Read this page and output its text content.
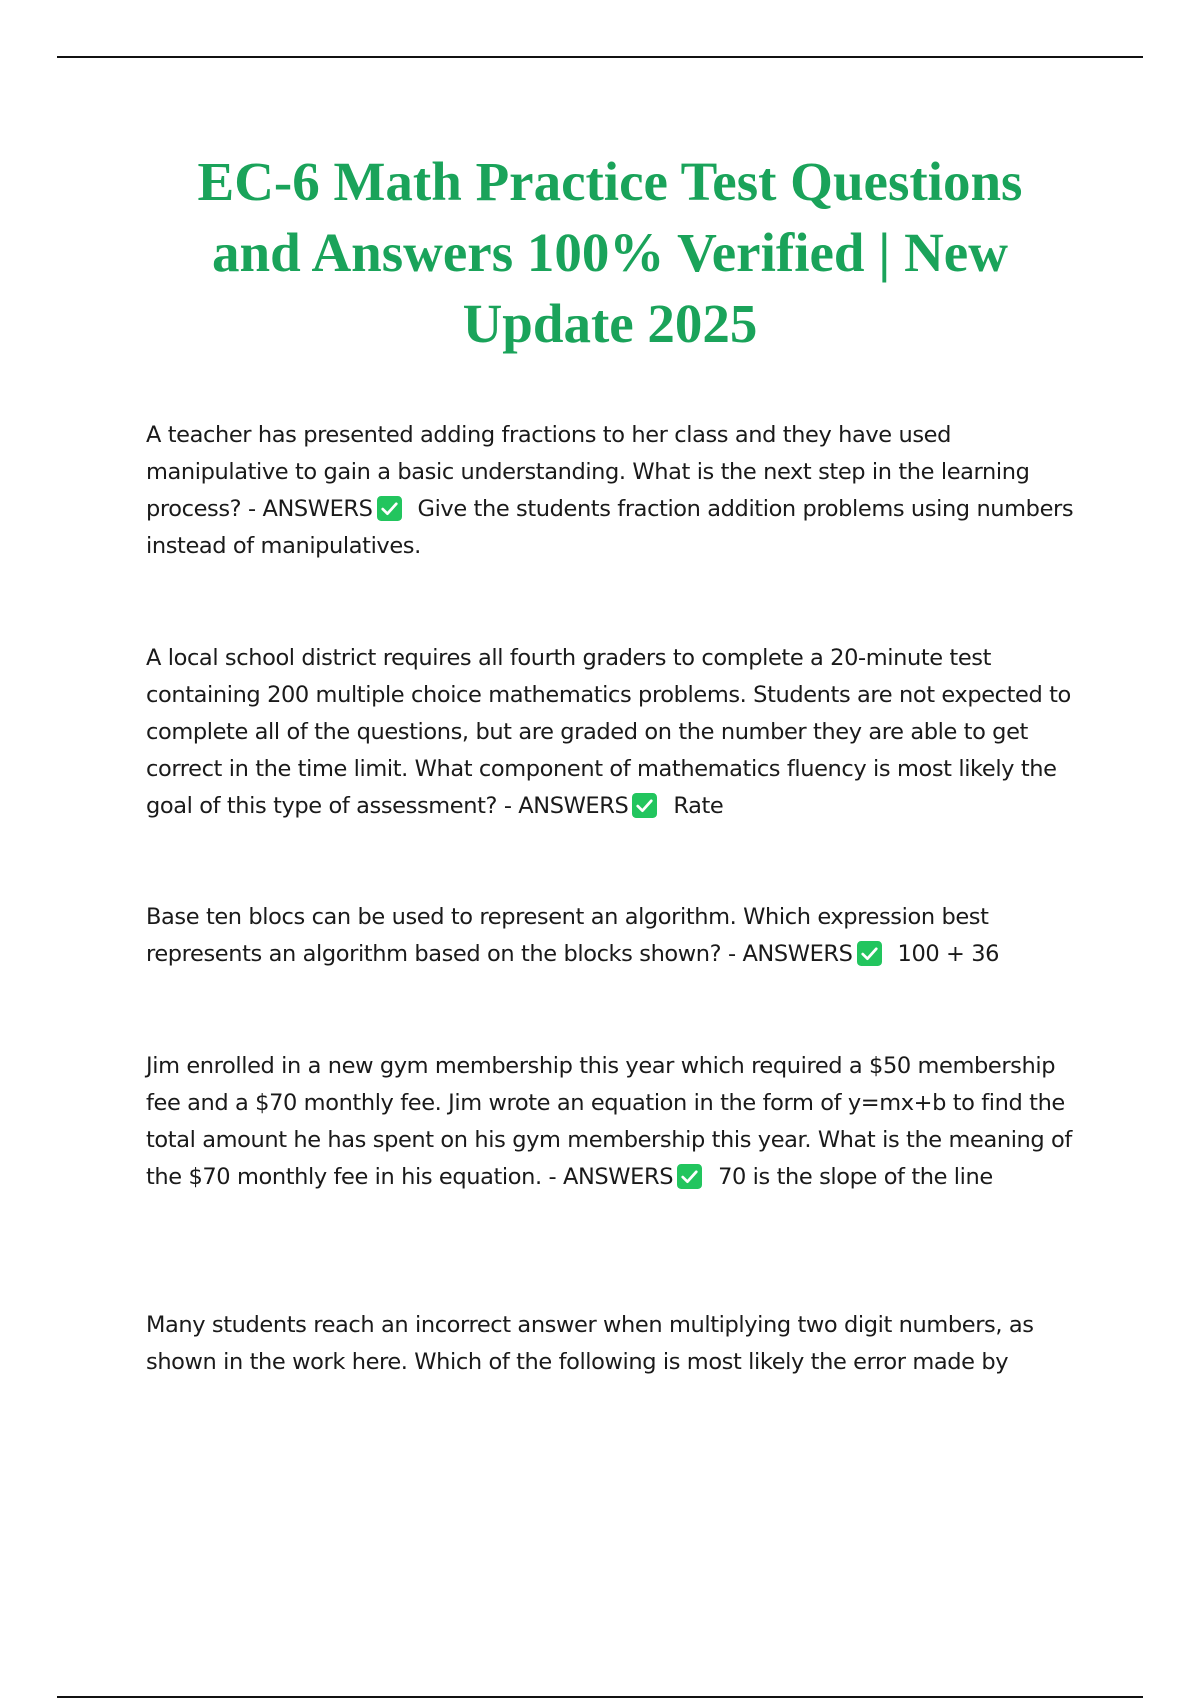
EC-6 Math Practice Test Questions and Answers 100% Verified | New Update 2025

A teacher has presented adding fractions to her class and they have used manipulative to gain a basic understanding. What is the next step in the learning process? - ANSWERS Give the students fraction addition problems using numbers instead of manipulatives.

A local school district requires all fourth graders to complete a 20-minute test containing 200 multiple choice mathematics problems. Students are not expected to complete all of the questions, but are graded on the number they are able to get correct in the time limit. What component of mathematics fluency is most likely the goal of this type of assessment? - ANSWERS Rate

Base ten blocs can be used to represent an algorithm. Which expression best represents an algorithm based on the blocks shown? - ANSWERS 100 + 36

Jim enrolled in a new gym membership this year which required a $50 membership fee and a $70 monthly fee. Jim wrote an equation in the form of y=mx+b to find the total amount he has spent on his gym membership this year. What is the meaning of the $70 monthly fee in his equation. - ANSWERS 70 is the slope of the line

Many students reach an incorrect answer when multiplying two digit numbers, as shown in the work here. Which of the following is most likely the error made by
